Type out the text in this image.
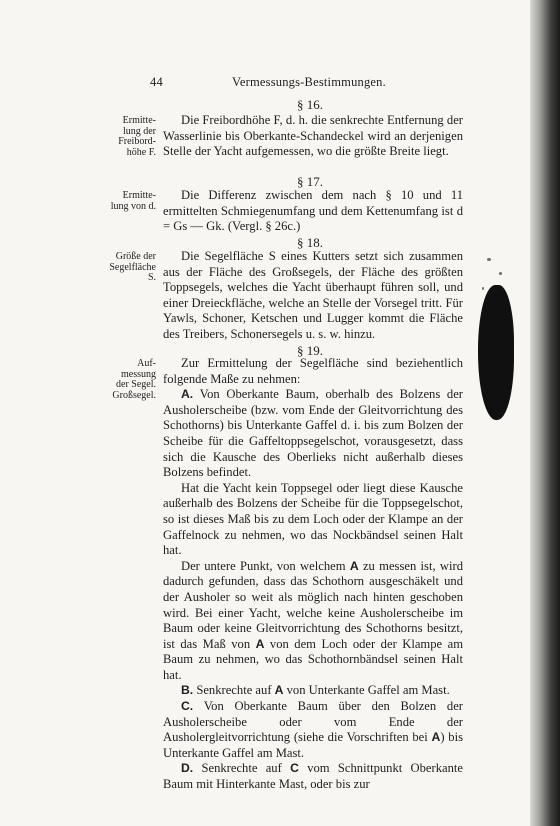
44	Vermessungs-Bestimmungen.
§ 16.
Ermitte-
lung der
Freibord-
höhe F.

Die Freibordhöhe F, d. h. die senkrechte Entfernung der Wasserlinie bis Oberkante-Schandeckel wird an derjenigen Stelle der Yacht aufgemessen, wo die größte Breite liegt.

§ 17.
Ermitte-
lung von d.

Die Differenz zwischen dem nach § 10 und 11 ermittelten Schmiegenumfang und dem Kettenumfang ist d = Gs — Gk. (Vergl. § 26c.)

§ 18.
Größe der
Segelfläche
S.

Die Segelfläche S eines Kutters setzt sich zusammen aus der Fläche des Großsegels, der Fläche des größten Toppsegels, welches die Yacht überhaupt führen soll, und einer Dreieckfläche, welche an Stelle der Vorsegel tritt. Für Yawls, Schoner, Ketschen und Lugger kommt die Fläche des Treibers, Schonersegels u. s. w. hinzu.

§ 19.
Auf-
messung
der Segel.
Großsegel.

Zur Ermittelung der Segelfläche sind beziehentlich folgende Maße zu nehmen:

A. Von Oberkante Baum, oberhalb des Bolzens der Ausholerscheibe (bzw. vom Ende der Gleitvorrichtung des Schothorns) bis Unterkante Gaffel d. i. bis zum Bolzen der Scheibe für die Gaffeltoppsegelschot, vorausgesetzt, dass sich die Kausche des Oberlieks nicht außerhalb dieses Bolzens befindet.

Hat die Yacht kein Toppsegel oder liegt diese Kausche außerhalb des Bolzens der Scheibe für die Toppsegelschot, so ist dieses Maß bis zu dem Loch oder der Klampe an der Gaffelnock zu nehmen, wo das Nockbändsel seinen Halt hat.

Der untere Punkt, von welchem A zu messen ist, wird dadurch gefunden, dass das Schothorn ausgeschäkelt und der Ausholer so weit als möglich nach hinten geschoben wird. Bei einer Yacht, welche keine Ausholerscheibe im Baum oder keine Gleitvorrichtung des Schothorns besitzt, ist das Maß von A von dem Loch oder der Klampe am Baum zu nehmen, wo das Schothornbändsel seinen Halt hat.

B. Senkrechte auf A von Unterkante Gaffel am Mast.

C. Von Oberkante Baum über den Bolzen der Ausholerscheibe oder vom Ende der Ausholergleitvorrichtung (siehe die Vorschriften bei A) bis Unterkante Gaffel am Mast.

D. Senkrechte auf C vom Schnittpunkt Oberkante Baum mit Hinterkante Mast, oder bis zur
